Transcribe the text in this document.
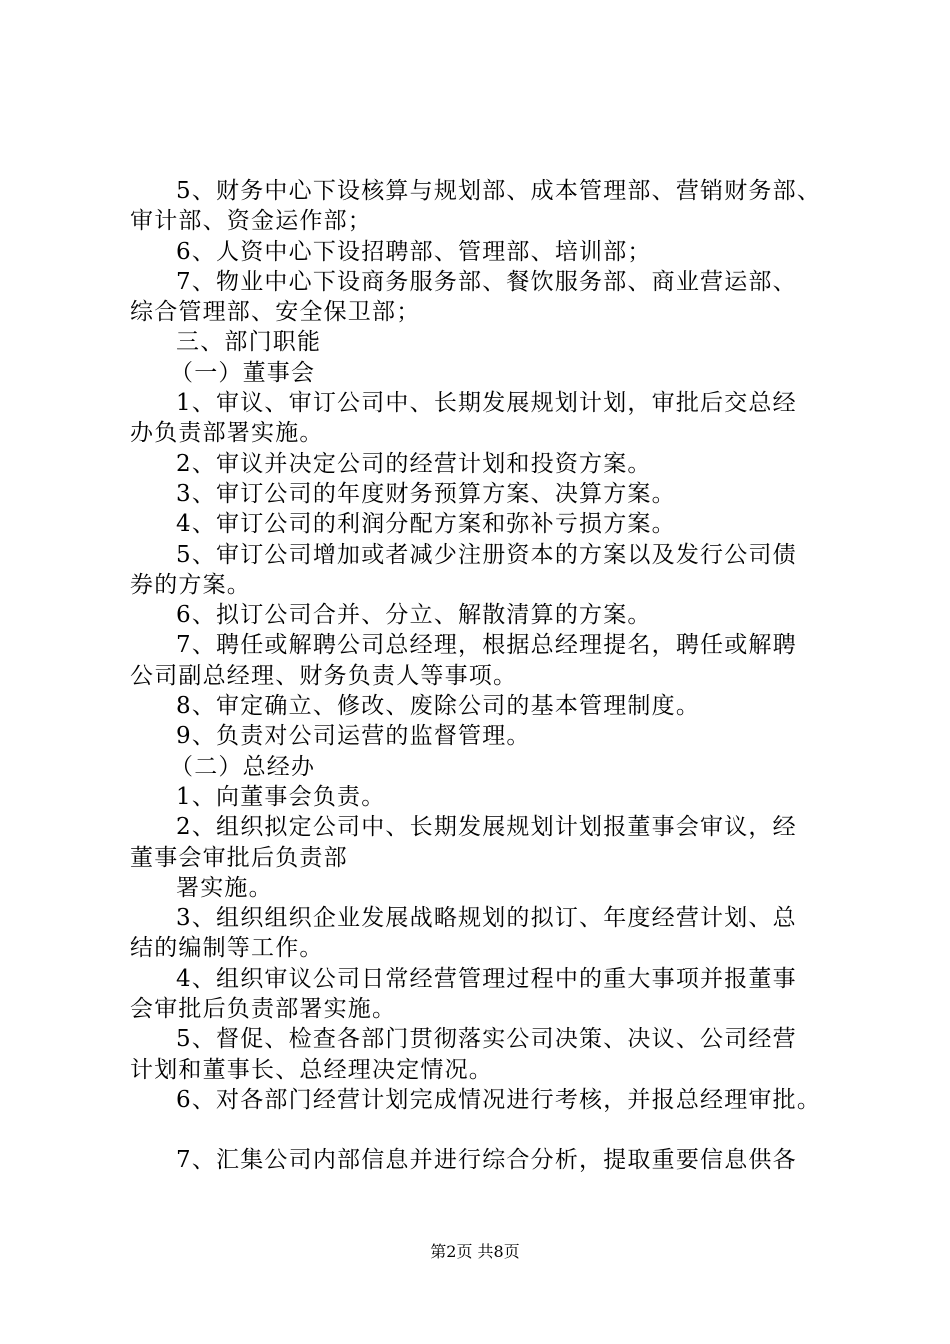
5、财务中心下设核算与规划部、成本管理部、营销财务部、
审计部、资金运作部；
6、人资中心下设招聘部、管理部、培训部；
7、物业中心下设商务服务部、餐饮服务部、商业营运部、
综合管理部、安全保卫部；
三、部门职能
（一）董事会
1、审议、审订公司中、长期发展规划计划，审批后交总经
办负责部署实施。
2、审议并决定公司的经营计划和投资方案。
3、审订公司的年度财务预算方案、决算方案。
4、审订公司的利润分配方案和弥补亏损方案。
5、审订公司增加或者减少注册资本的方案以及发行公司债
券的方案。
6、拟订公司合并、分立、解散清算的方案。
7、聘任或解聘公司总经理，根据总经理提名，聘任或解聘
公司副总经理、财务负责人等事项。
8、审定确立、修改、废除公司的基本管理制度。
9、负责对公司运营的监督管理。
（二）总经办
1、向董事会负责。
2、组织拟定公司中、长期发展规划计划报董事会审议，经
董事会审批后负责部
署实施。
3、组织组织企业发展战略规划的拟订、年度经营计划、总
结的编制等工作。
4、组织审议公司日常经营管理过程中的重大事项并报董事
会审批后负责部署实施。
5、督促、检查各部门贯彻落实公司决策、决议、公司经营
计划和董事长、总经理决定情况。
6、对各部门经营计划完成情况进行考核，并报总经理审批。
7、汇集公司内部信息并进行综合分析，提取重要信息供各
第2页 共8页
